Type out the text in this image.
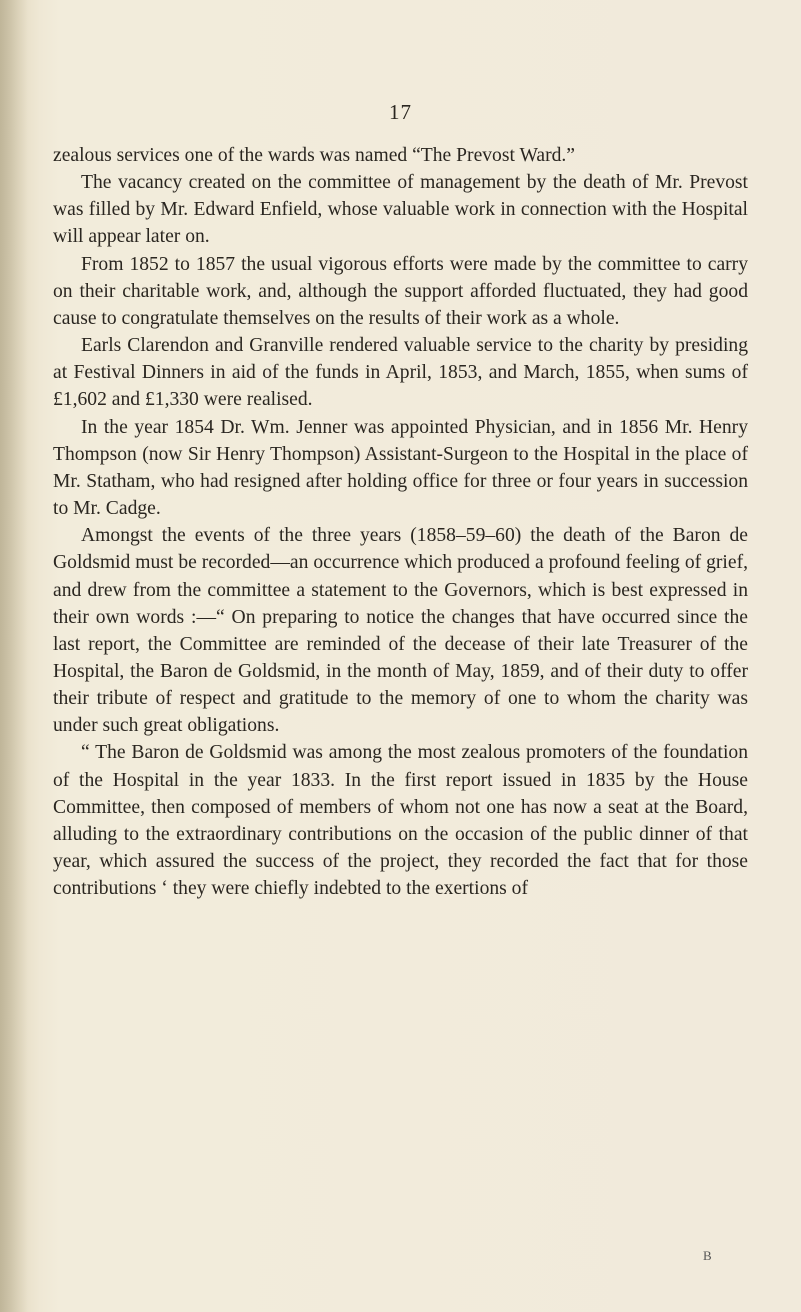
17

zealous services one of the wards was named “The Prevost Ward.”

The vacancy created on the committee of management by the death of Mr. Prevost was filled by Mr. Edward Enfield, whose valuable work in connection with the Hospital will appear later on.

From 1852 to 1857 the usual vigorous efforts were made by the committee to carry on their charitable work, and, although the support afforded fluctuated, they had good cause to congratulate themselves on the results of their work as a whole.

Earls Clarendon and Granville rendered valuable service to the charity by presiding at Festival Dinners in aid of the funds in April, 1853, and March, 1855, when sums of £1,602 and £1,330 were realised.

In the year 1854 Dr. Wm. Jenner was appointed Physician, and in 1856 Mr. Henry Thompson (now Sir Henry Thompson) Assistant-Surgeon to the Hospital in the place of Mr. Statham, who had resigned after holding office for three or four years in succession to Mr. Cadge.

Amongst the events of the three years (1858–59–60) the death of the Baron de Goldsmid must be recorded—an occurrence which produced a profound feeling of grief, and drew from the committee a statement to the Governors, which is best expressed in their own words :—“ On preparing to notice the changes that have occurred since the last report, the Committee are reminded of the decease of their late Treasurer of the Hospital, the Baron de Goldsmid, in the month of May, 1859, and of their duty to offer their tribute of respect and gratitude to the memory of one to whom the charity was under such great obligations.

“ The Baron de Goldsmid was among the most zealous promoters of the foundation of the Hospital in the year 1833. In the first report issued in 1835 by the House Committee, then composed of members of whom not one has now a seat at the Board, alluding to the extraordinary contributions on the occasion of the public dinner of that year, which assured the success of the project, they recorded the fact that for those contributions ‘ they were chiefly indebted to the exertions of

B
